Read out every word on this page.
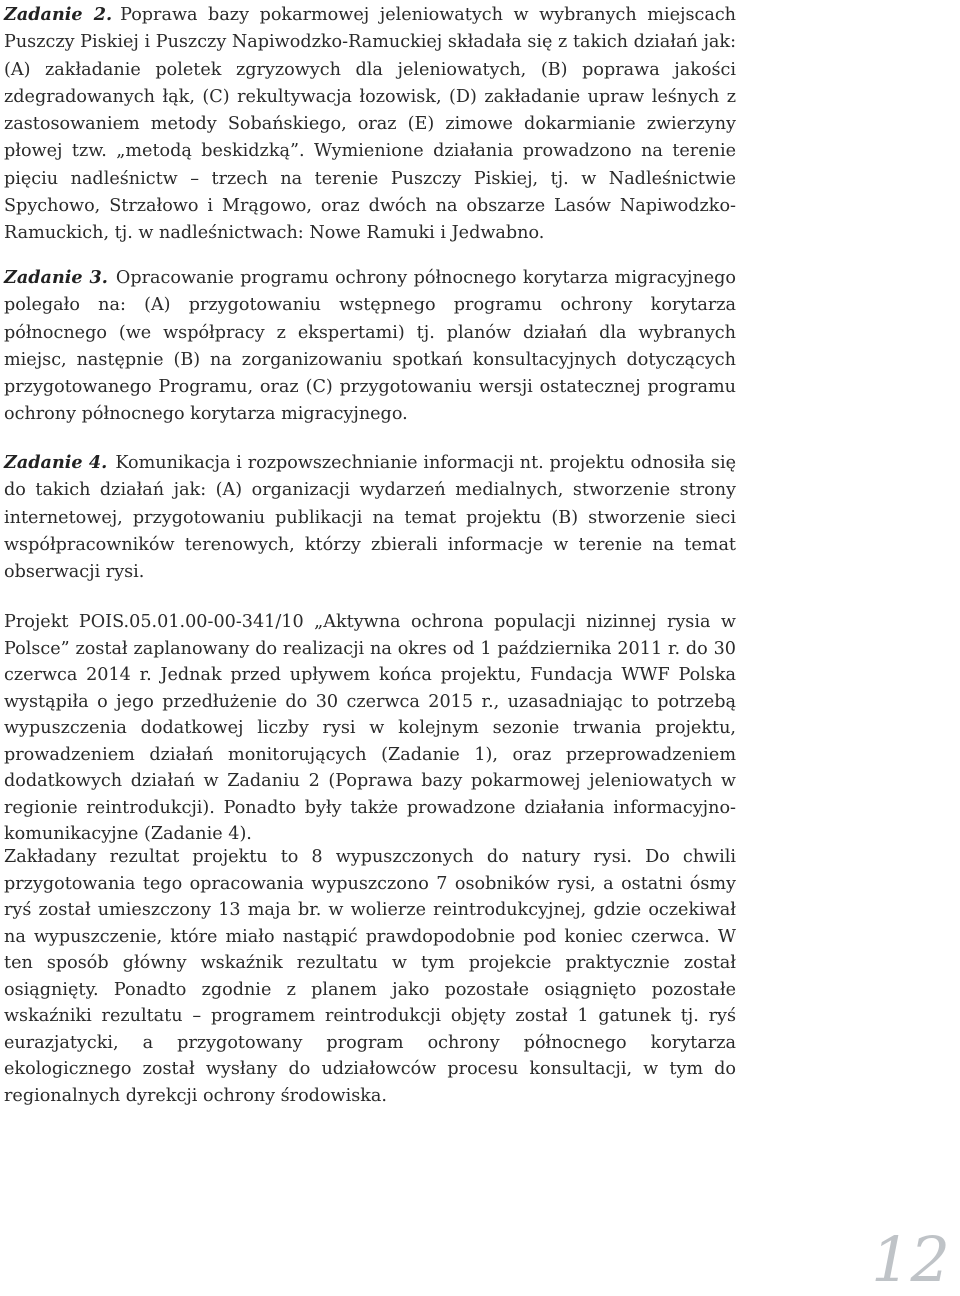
Zadanie 2. Poprawa bazy pokarmowej jeleniowatych w wybranych miejscach Puszczy Piskiej i Puszczy Napiwodzko-Ramuckiej składała się z takich działań jak: (A) zakładanie poletek zgryzowych dla jeleniowatych, (B) poprawa jakości zdegradowanych łąk, (C) rekultywacja łozowisk, (D) zakładanie upraw leśnych z zastosowaniem metody Sobańskiego, oraz (E) zimowe dokarmianie zwierzyny płowej tzw. „metodą beskidzką”. Wymienione działania prowadzono na terenie pięciu nadleśnictw – trzech na terenie Puszczy Piskiej, tj. w Nadleśnictwie Spychowo, Strzałowo i Mrągowo, oraz dwóch na obszarze Lasów Napiwodzko-Ramuckich, tj. w nadleśnictwach: Nowe Ramuki i Jedwabno.

Zadanie 3. Opracowanie programu ochrony północnego korytarza migracyjnego polegało na: (A) przygotowaniu wstępnego programu ochrony korytarza północnego (we współpracy z ekspertami) tj. planów działań dla wybranych miejsc, następnie (B) na zorganizowaniu spotkań konsultacyjnych dotyczących przygotowanego Programu, oraz (C) przygotowaniu wersji ostatecznej programu ochrony północnego korytarza migracyjnego.

Zadanie 4. Komunikacja i rozpowszechnianie informacji nt. projektu odnosiła się do takich działań jak: (A) organizacji wydarzeń medialnych, stworzenie strony internetowej, przygotowaniu publikacji na temat projektu (B) stworzenie sieci współpracowników terenowych, którzy zbierali informacje w terenie na temat obserwacji rysi.

Projekt POIS.05.01.00-00-341/10 „Aktywna ochrona populacji nizinnej rysia w Polsce” został zaplanowany do realizacji na okres od 1 października 2011 r. do 30 czerwca 2014 r. Jednak przed upływem końca projektu, Fundacja WWF Polska wystąpiła o jego przedłużenie do 30 czerwca 2015 r., uzasadniając to potrzebą wypuszczenia dodatkowej liczby rysi w kolejnym sezonie trwania projektu, prowadzeniem działań monitorujących (Zadanie 1), oraz przeprowadzeniem dodatkowych działań w Zadaniu 2 (Poprawa bazy pokarmowej jeleniowatych w regionie reintrodukcji). Ponadto były także prowadzone działania informacyjno-komunikacyjne (Zadanie 4).

Zakładany rezultat projektu to 8 wypuszczonych do natury rysi. Do chwili przygotowania tego opracowania wypuszczono 7 osobników rysi, a ostatni ósmy ryś został umieszczony 13 maja br. w wolierze reintrodukcyjnej, gdzie oczekiwał na wypuszczenie, które miało nastąpić prawdopodobnie pod koniec czerwca. W ten sposób główny wskaźnik rezultatu w tym projekcie praktycznie został osiągnięty. Ponadto zgodnie z planem jako pozostałe osiągnięto pozostałe wskaźniki rezultatu – programem reintrodukcji objęty został 1 gatunek tj. ryś eurazjatycki, a przygotowany program ochrony północnego korytarza ekologicznego został wysłany do udziałowców procesu konsultacji, w tym do regionalnych dyrekcji ochrony środowiska.

12
